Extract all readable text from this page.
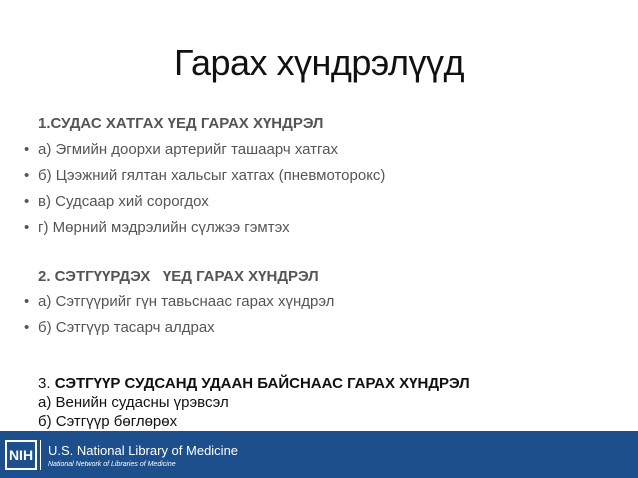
Гарах хүндрэлүүд
1.СУДАС ХАТГАХ ҮЕД ГАРАХ ХҮНДРЭЛ
• а) Эгмийн доорхи артерийг ташаарч хатгах
• б) Цээжний гялтан хальсыг хатгах (пневмоторокс)
• в) Судсаар хий сорогдох
• г) Мөрний мэдрэлийн сүлжээ гэмтэх
2. СЭТГҮҮРДЭХ   ҮЕД ГАРАХ ХҮНДРЭЛ
• а) Сэтгүүрийг гүн тавьснаас гарах хүндрэл
• б) Сэтгүүр тасарч алдрах
3. СЭТГҮҮР СУДСАНД УДААН БАЙСНААС ГАРАХ ХҮНДРЭЛ
а) Венийн судасны үрэвсэл
б) Сэтгүүр бөглөрөх
NIH	U.S. National Library of Medicine
National Network of Libraries of Medicine
